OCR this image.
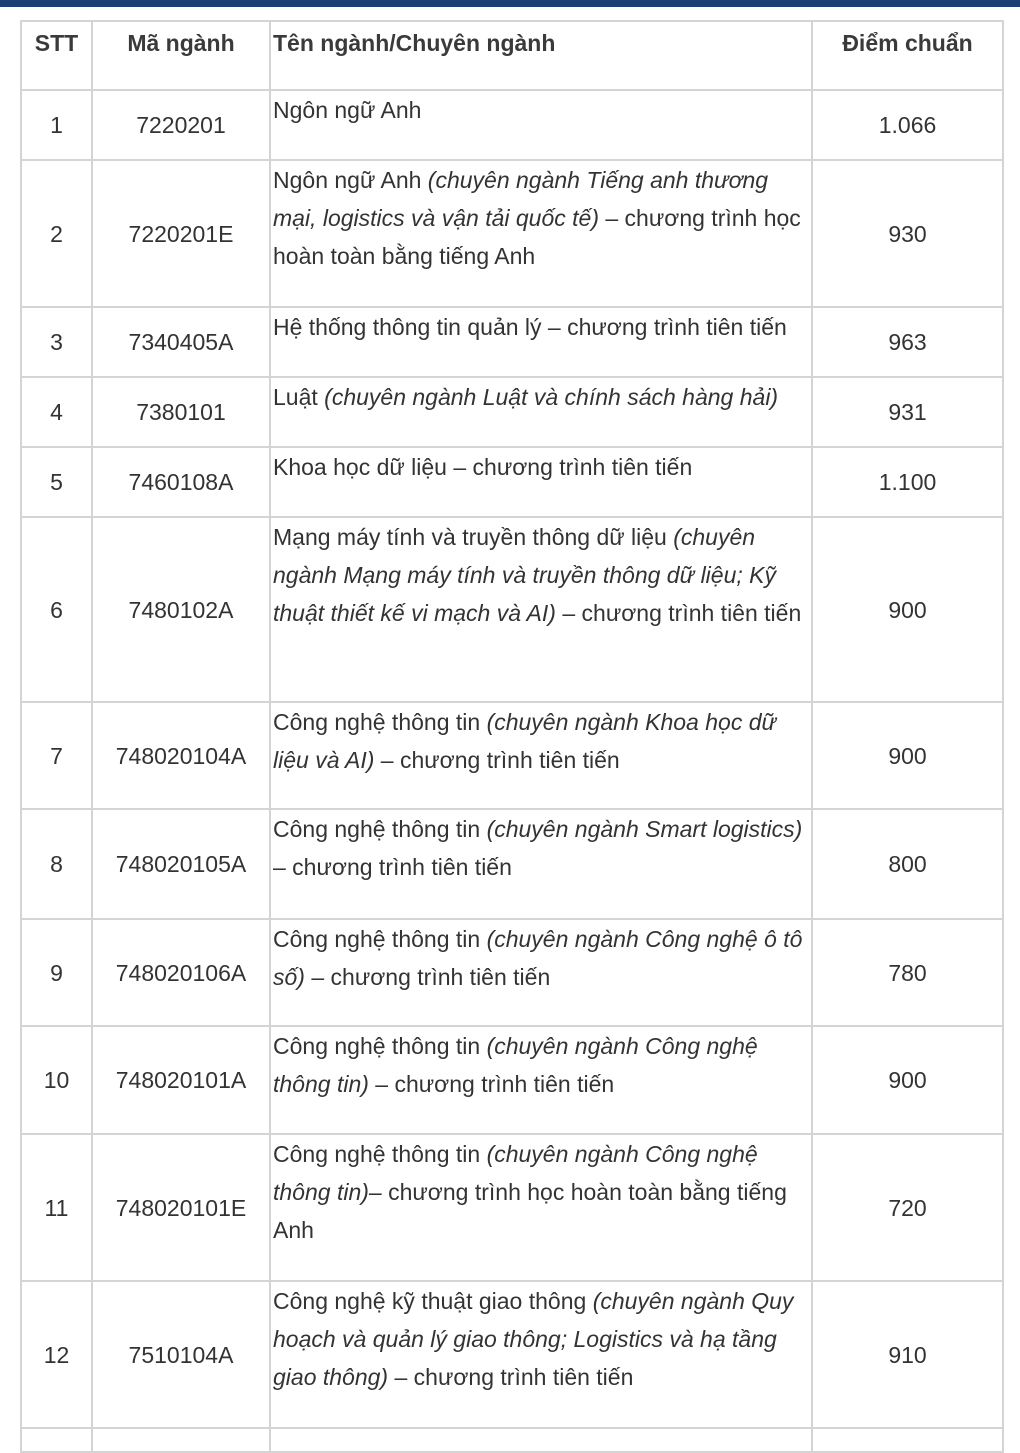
STT	Mã ngành	Tên ngành/Chuyên ngành	Điểm chuẩn
1	7220201	Ngôn ngữ Anh	1.066
2	7220201E	Ngôn ngữ Anh (chuyên ngành Tiếng anh thương mại, logistics và vận tải quốc tế) – chương trình học hoàn toàn bằng tiếng Anh	930
3	7340405A	Hệ thống thông tin quản lý – chương trình tiên tiến	963
4	7380101	Luật (chuyên ngành Luật và chính sách hàng hải)	931
5	7460108A	Khoa học dữ liệu – chương trình tiên tiến	1.100
6	7480102A	Mạng máy tính và truyền thông dữ liệu (chuyên ngành Mạng máy tính và truyền thông dữ liệu; Kỹ thuật thiết kế vi mạch và AI) – chương trình tiên tiến	900
7	748020104A	Công nghệ thông tin (chuyên ngành Khoa học dữ liệu và AI) – chương trình tiên tiến	900
8	748020105A	Công nghệ thông tin (chuyên ngành Smart logistics) – chương trình tiên tiến	800
9	748020106A	Công nghệ thông tin (chuyên ngành Công nghệ ô tô số) – chương trình tiên tiến	780
10	748020101A	Công nghệ thông tin (chuyên ngành Công nghệ thông tin) – chương trình tiên tiến	900
11	748020101E	Công nghệ thông tin (chuyên ngành Công nghệ thông tin)– chương trình học hoàn toàn bằng tiếng Anh	720
12	7510104A	Công nghệ kỹ thuật giao thông (chuyên ngành Quy hoạch và quản lý giao thông; Logistics và hạ tầng giao thông) – chương trình tiên tiến	910
